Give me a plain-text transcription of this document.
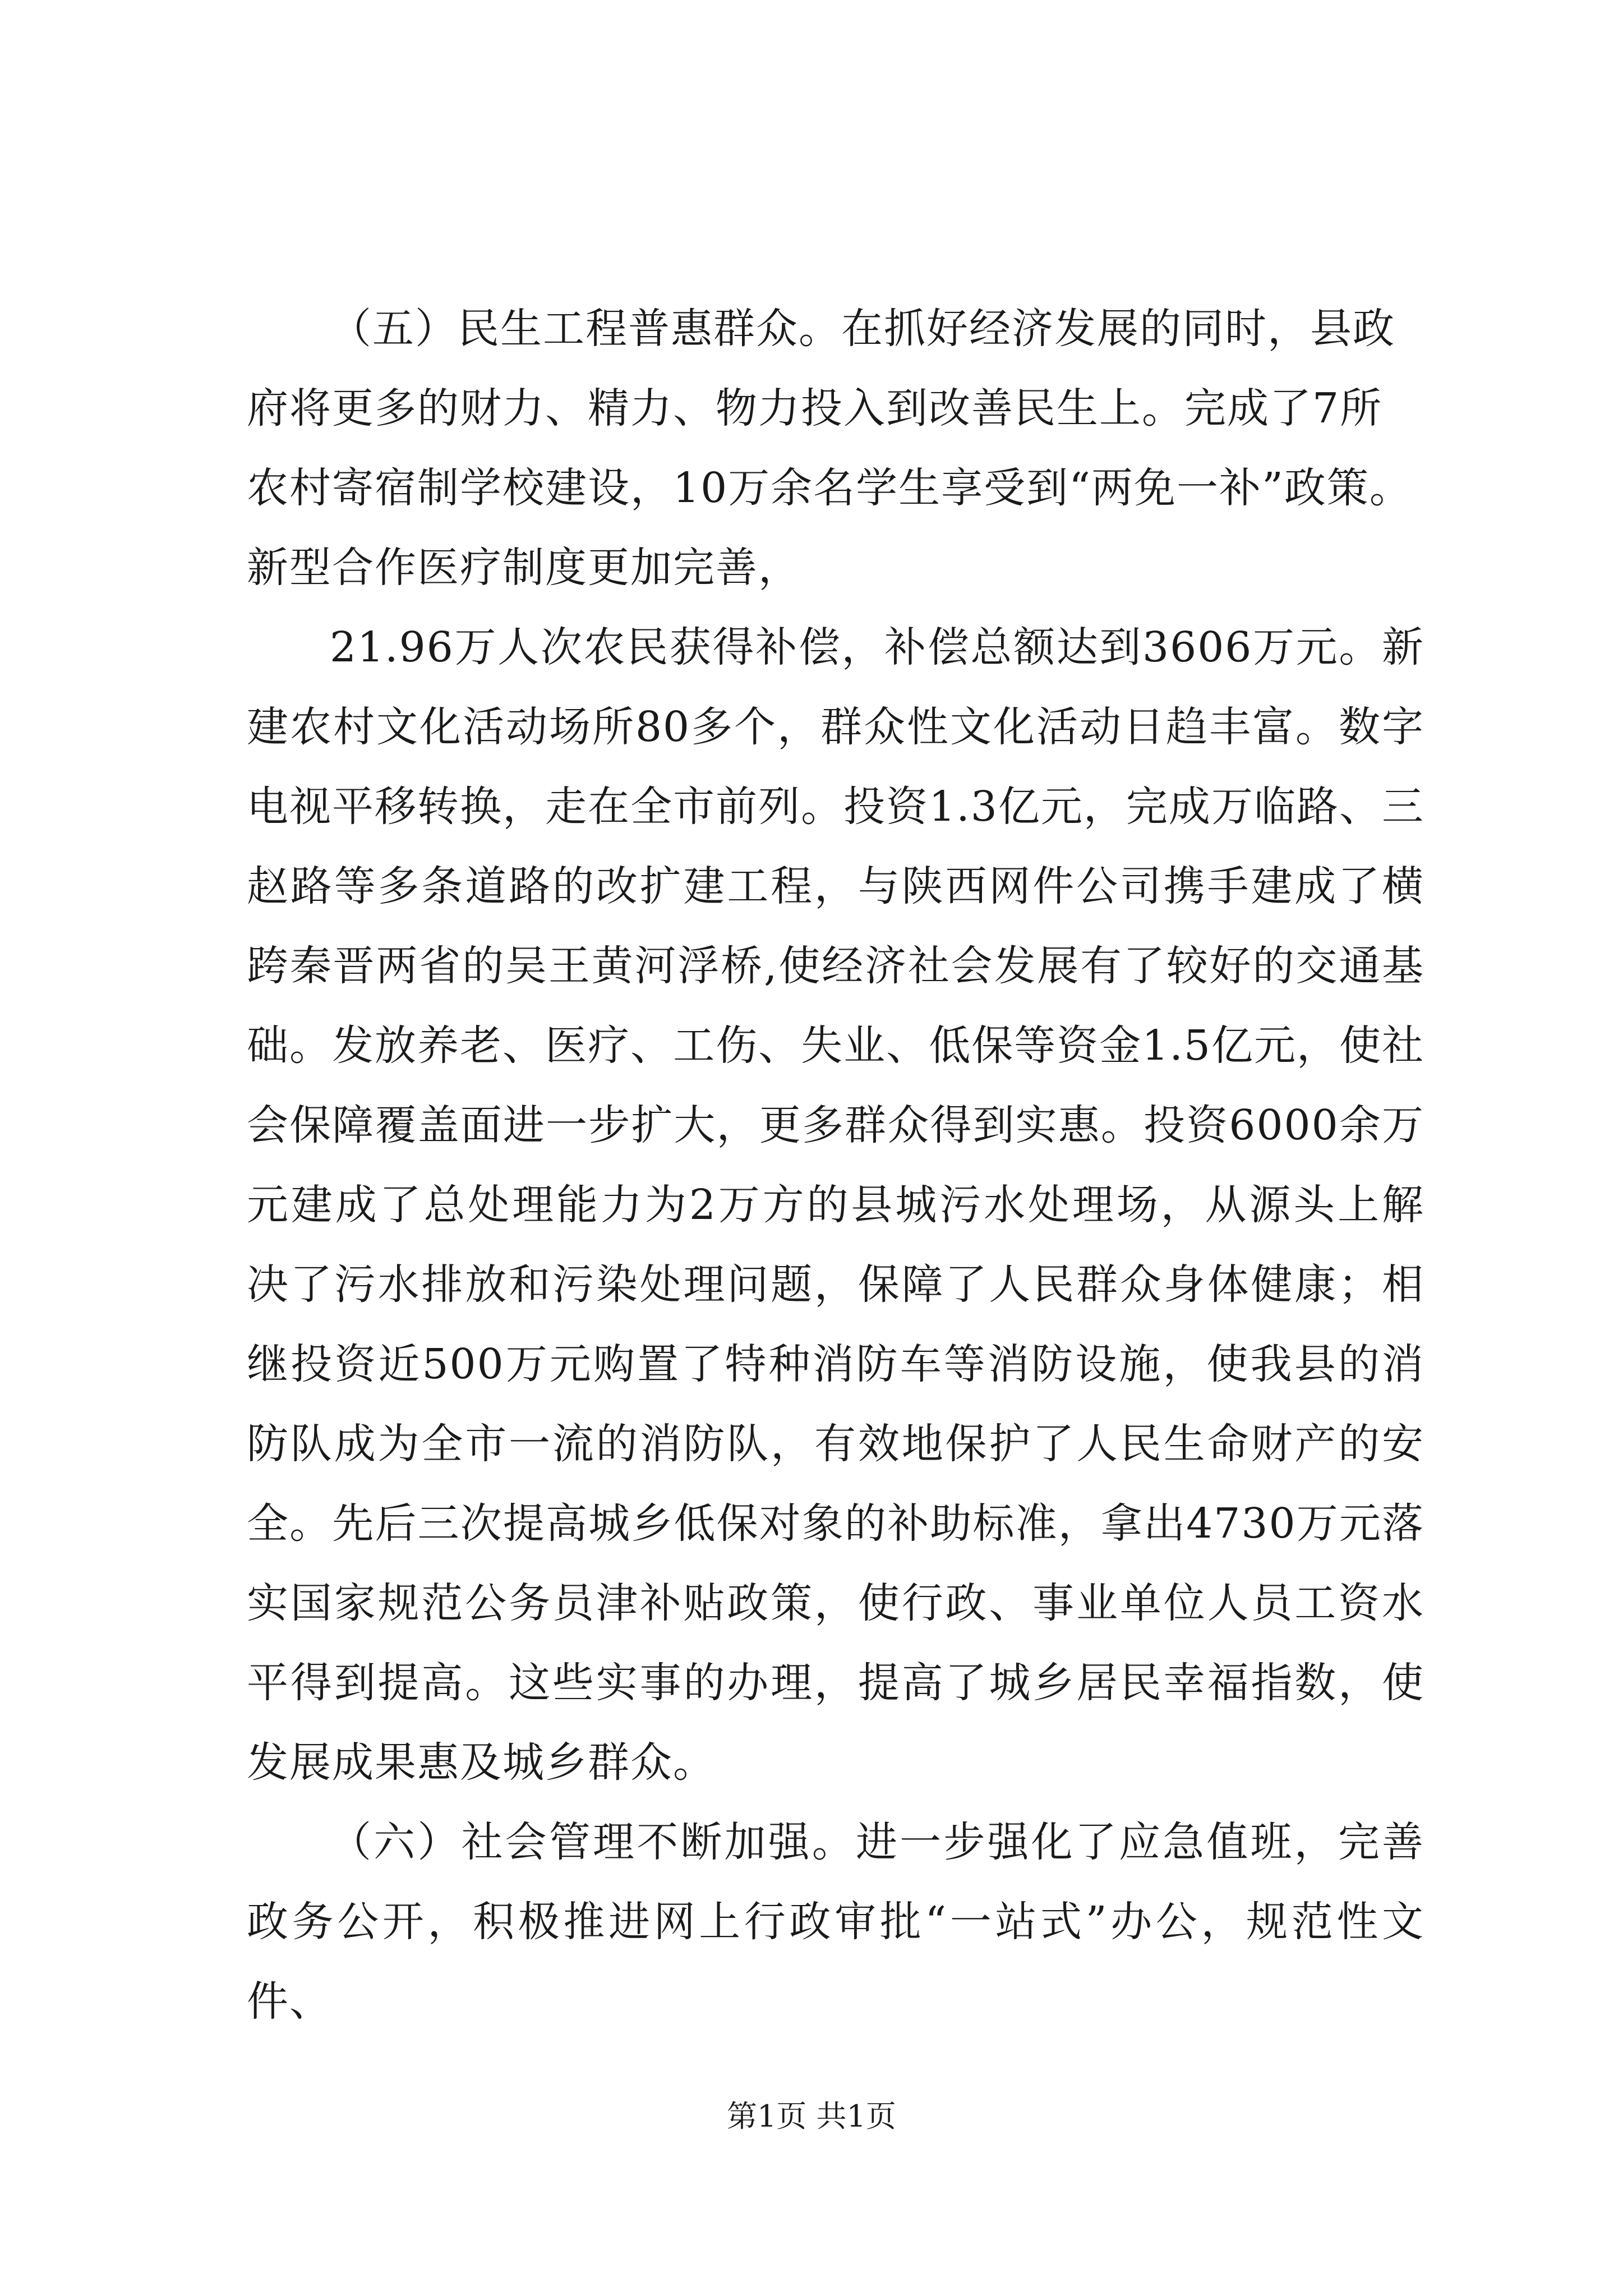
（五）民生工程普惠群众。在抓好经济发展的同时，县政府将更多的财力、精力、物力投入到改善民生上。完成了7所农村寄宿制学校建设，10万余名学生享受到“两免一补”政策。新型合作医疗制度更加完善，

21.96万人次农民获得补偿，补偿总额达到3606万元。新建农村文化活动场所80多个，群众性文化活动日趋丰富。数字电视平移转换，走在全市前列。投资1.3亿元，完成万临路、三赵路等多条道路的改扩建工程，与陕西网件公司携手建成了横跨秦晋两省的吴王黄河浮桥,使经济社会发展有了较好的交通基础。发放养老、医疗、工伤、失业、低保等资金1.5亿元，使社会保障覆盖面进一步扩大，更多群众得到实惠。投资6000余万元建成了总处理能力为2万方的县城污水处理场，从源头上解决了污水排放和污染处理问题，保障了人民群众身体健康；相继投资近500万元购置了特种消防车等消防设施，使我县的消防队成为全市一流的消防队，有效地保护了人民生命财产的安全。先后三次提高城乡低保对象的补助标准，拿出4730万元落实国家规范公务员津补贴政策，使行政、事业单位人员工资水平得到提高。这些实事的办理，提高了城乡居民幸福指数，使发展成果惠及城乡群众。

（六）社会管理不断加强。进一步强化了应急值班，完善政务公开，积极推进网上行政审批“一站式”办公，规范性文件、

第1页 共1页
